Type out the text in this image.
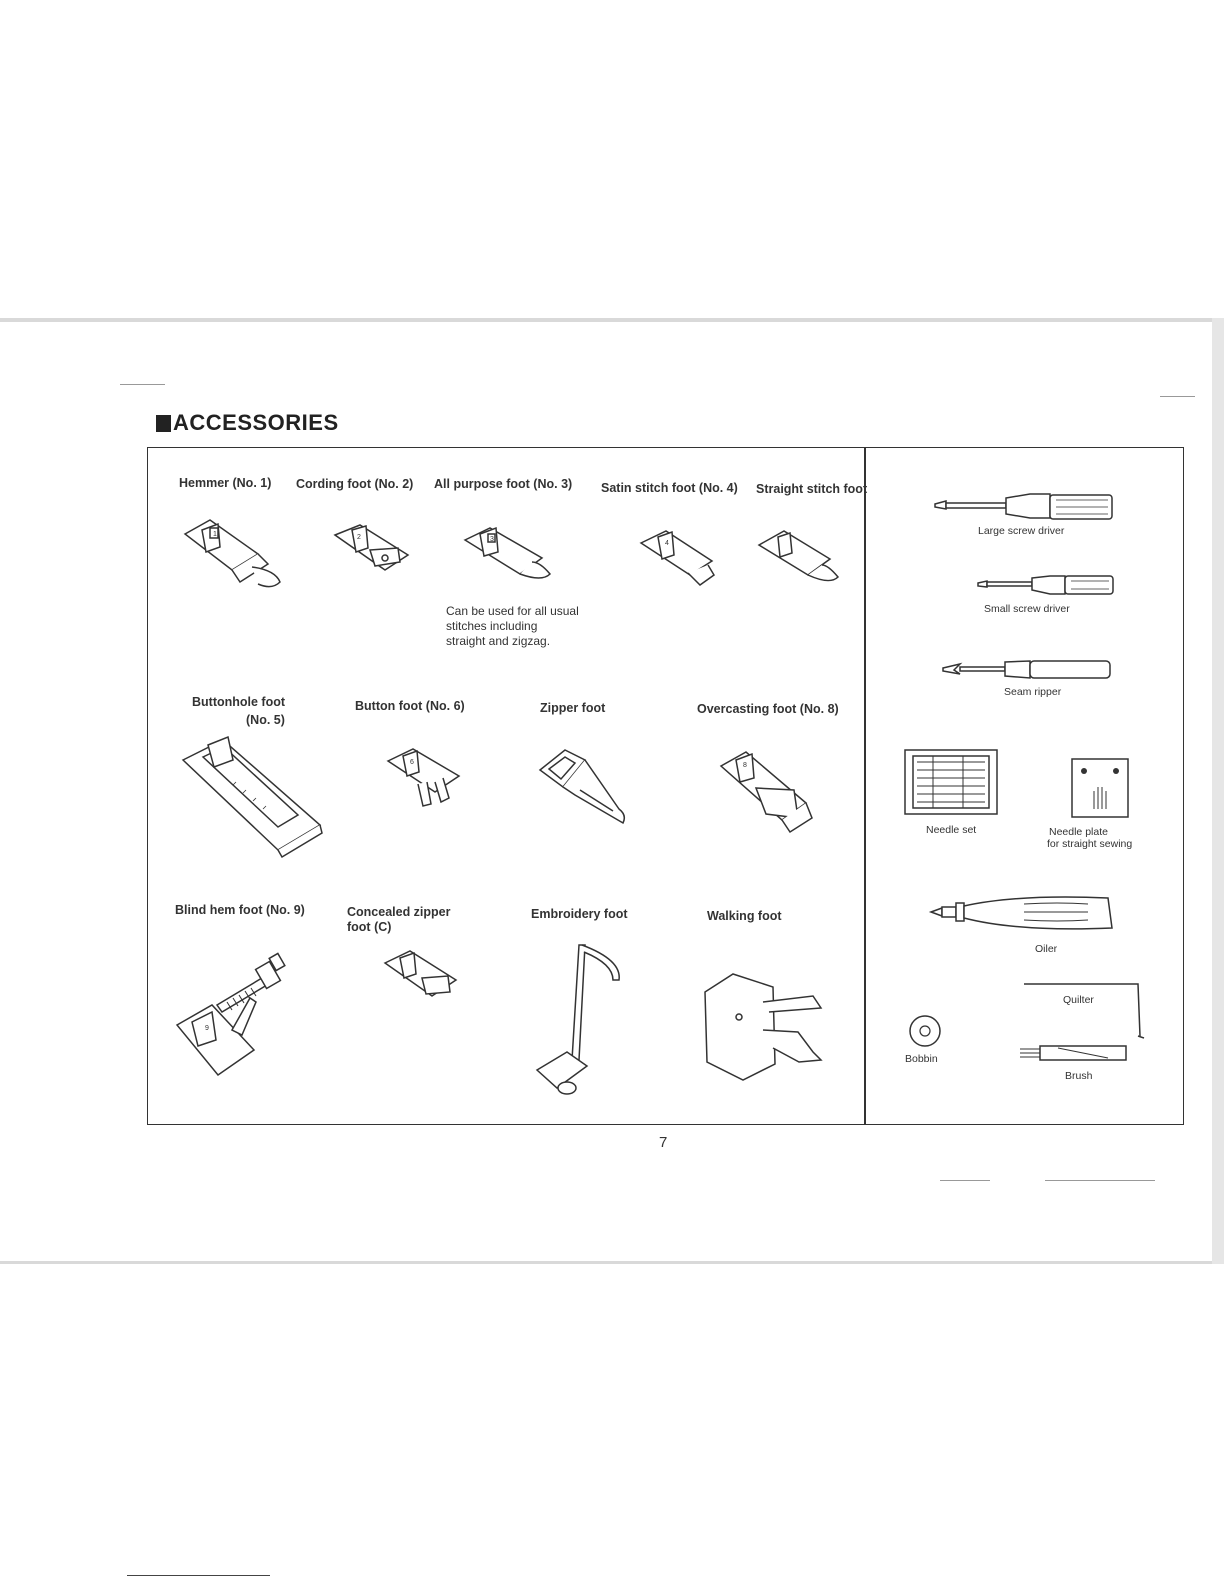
ACCESSORIES
Hemmer (No. 1) Cording foot (No. 2) All purpose foot (No. 3) Satin stitch foot (No. 4) Straight stitch foot
1	2	3
4
Can be used for all usual
stitches including
straight and zigzag.
Buttonhole foot
(No. 5)
Button foot (No. 6)	Zipper foot	Overcasting foot (No. 8)
6	8
Blind hem foot (No. 9)	Concealed zipper
foot (C)
Embroidery foot	Walking foot
9
Large screw driver
Small screw driver
Seam ripper
Needle set	Needle plate
for straight sewing
Oiler
Quilter
Bobbin
Brush
7
